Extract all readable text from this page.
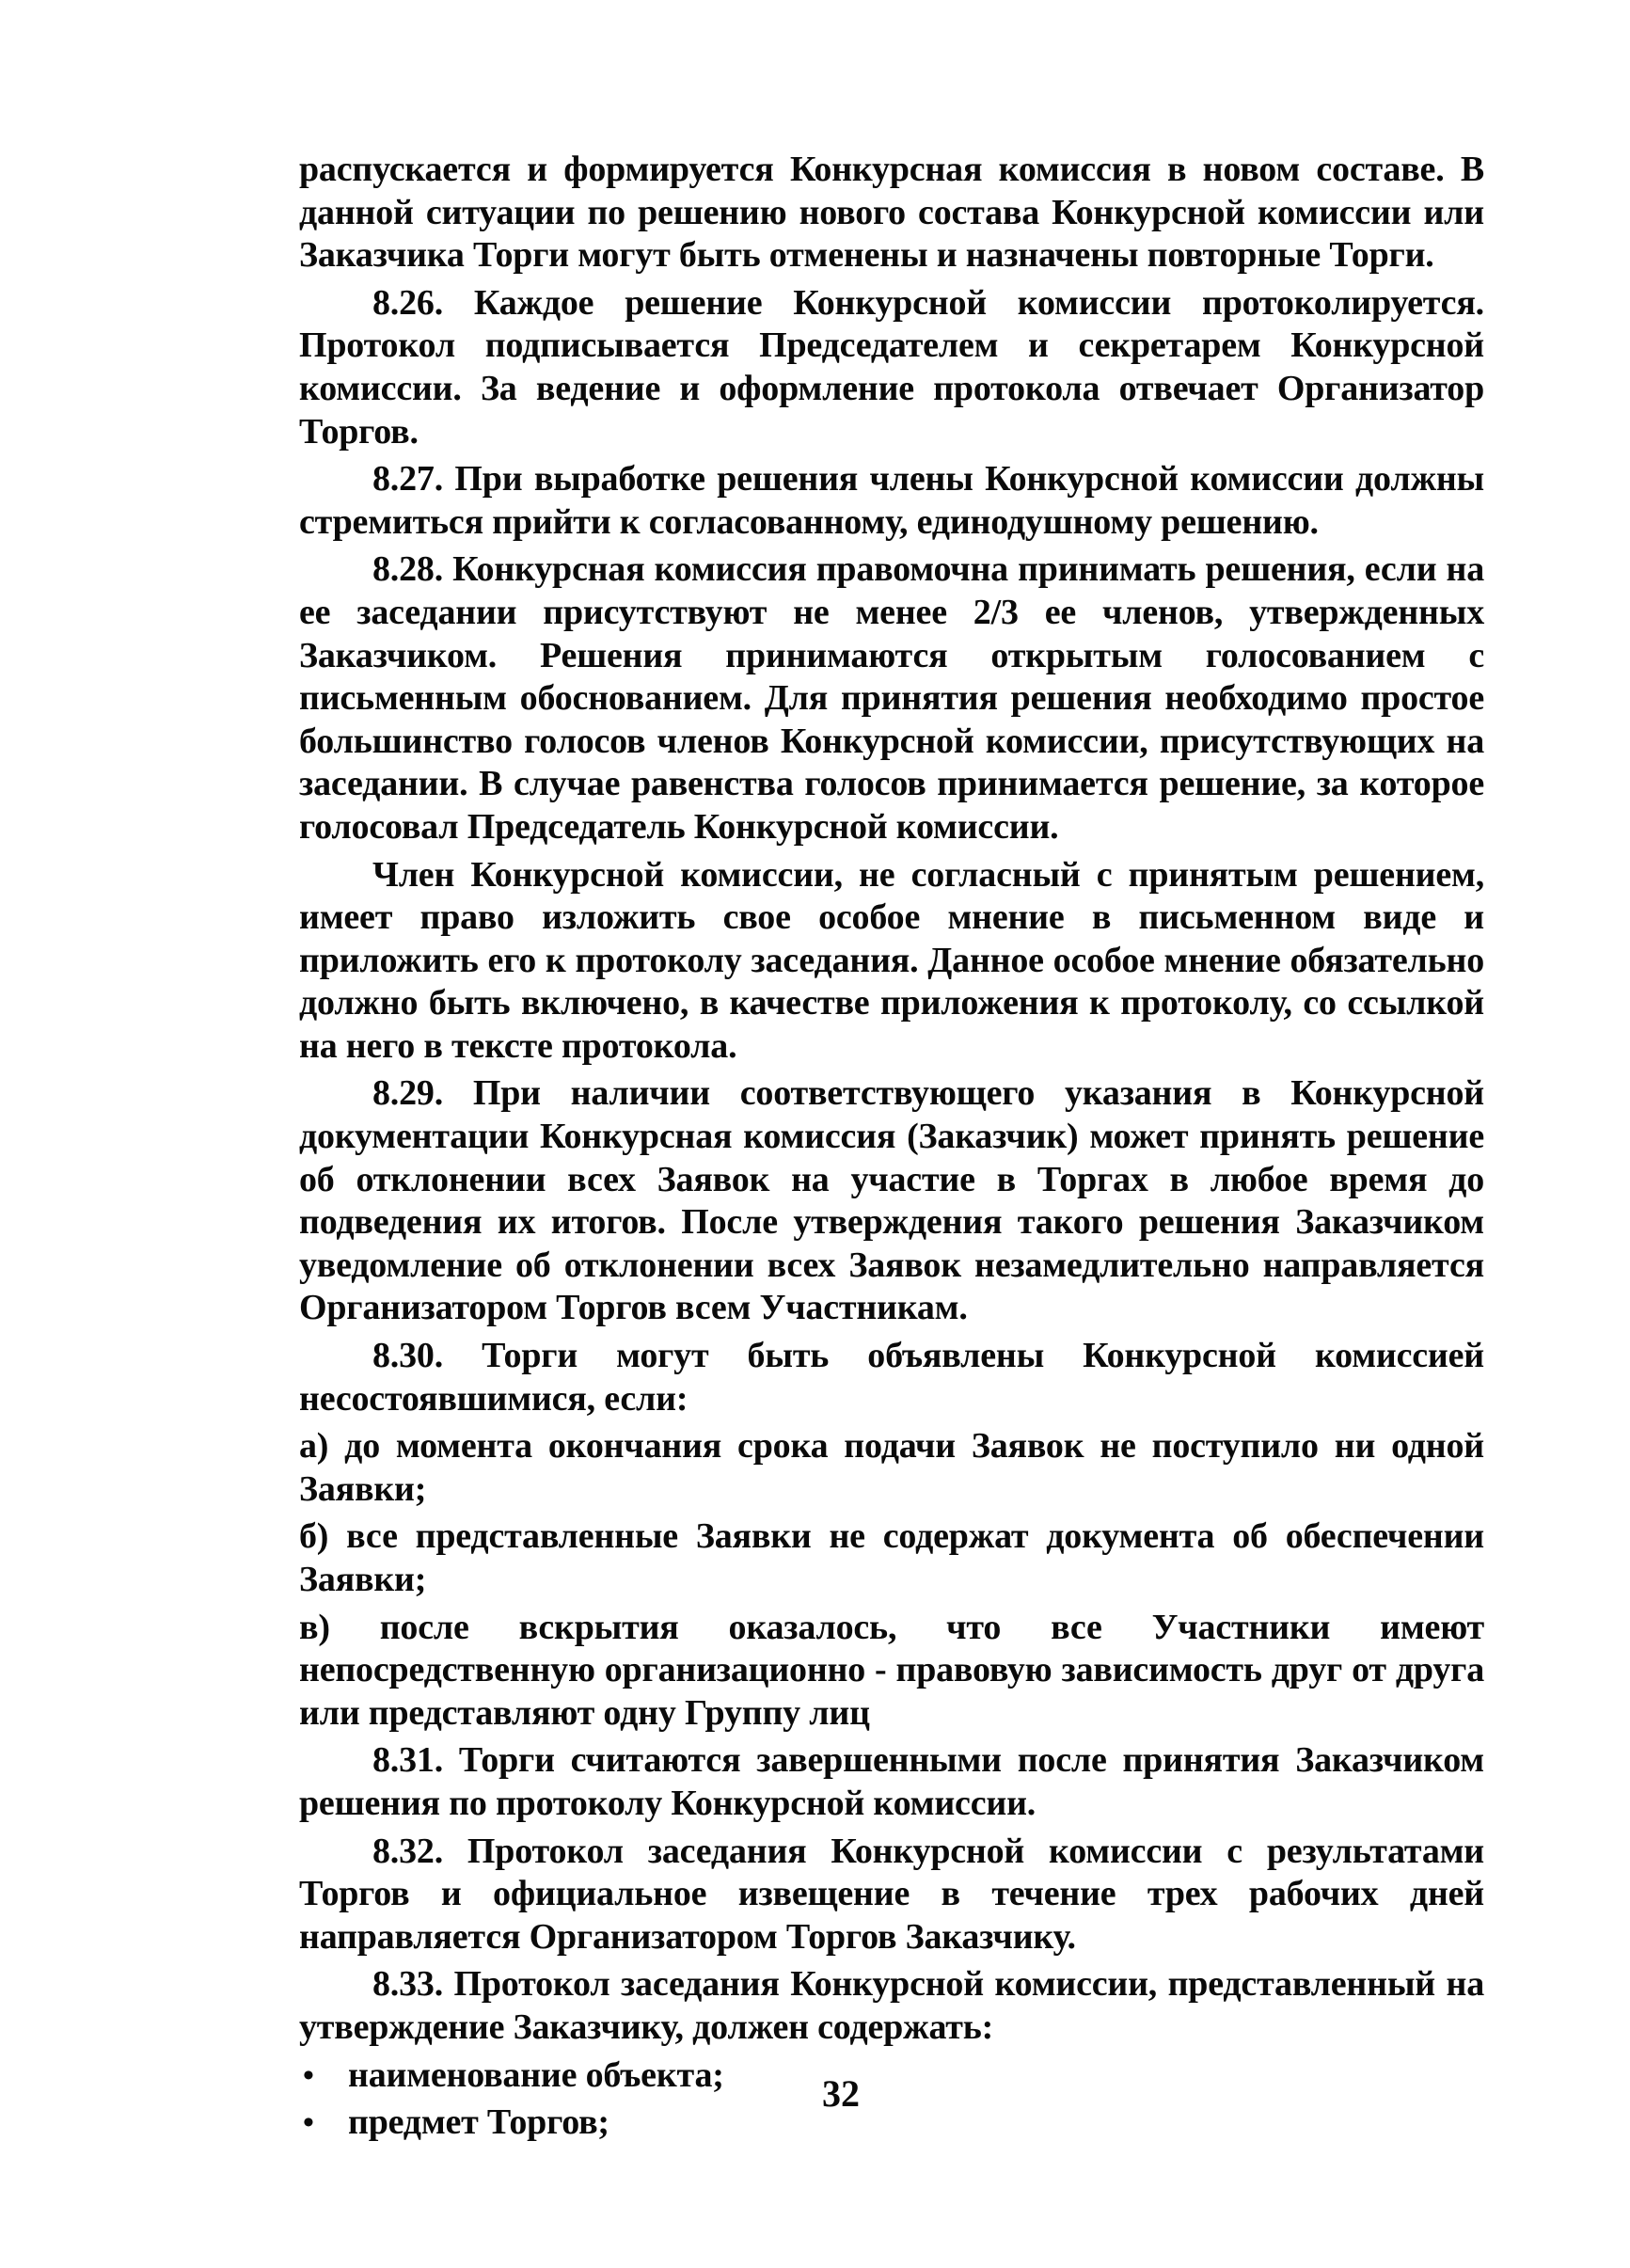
распускается и формируется Конкурсная комиссия в новом составе. В данной ситуации по решению нового состава Конкурсной комиссии или Заказчика Торги могут быть отменены и назначены повторные Торги.

8.26. Каждое решение Конкурсной комиссии протоколируется. Протокол подписывается Председателем и секретарем Конкурсной комиссии. За ведение и оформление протокола отвечает Организатор Торгов.

8.27. При выработке решения члены Конкурсной комиссии должны стремиться прийти к согласованному, единодушному решению.

8.28. Конкурсная комиссия правомочна принимать решения, если на ее заседании присутствуют не менее 2/3 ее членов, утвержденных Заказчиком. Решения принимаются открытым голосованием с письменным обоснованием. Для принятия решения необходимо простое большинство голосов членов Конкурсной комиссии, присутствующих на заседании. В случае равенства голосов принимается решение, за которое голосовал Председатель Конкурсной комиссии.

Член Конкурсной комиссии, не согласный с принятым решением, имеет право изложить свое особое мнение в письменном виде и приложить его к протоколу заседания. Данное особое мнение обязательно должно быть включено, в качестве приложения к протоколу, со ссылкой на него в тексте протокола.

8.29. При наличии соответствующего указания в Конкурсной документации Конкурсная комиссия (Заказчик) может принять решение об отклонении всех Заявок на участие в Торгах в любое время до подведения их итогов. После утверждения такого решения Заказчиком уведомление об отклонении всех Заявок незамедлительно направляется Организатором Торгов всем Участникам.

8.30. Торги могут быть объявлены Конкурсной комиссией несостоявшимися, если:

а) до момента окончания срока подачи Заявок не поступило ни одной Заявки;

б) все представленные Заявки не содержат документа об обеспечении Заявки;

в) после вскрытия оказалось, что все Участники имеют непосредственную организационно - правовую зависимость друг от друга или представляют одну Группу лиц

8.31. Торги считаются завершенными после принятия Заказчиком решения по протоколу Конкурсной комиссии.

8.32. Протокол заседания Конкурсной комиссии с результатами Торгов и официальное извещение в течение трех рабочих дней направляется Организатором Торгов Заказчику.

8.33. Протокол заседания Конкурсной комиссии, представленный на утверждение Заказчику, должен содержать:

• наименование объекта;
• предмет Торгов;
32
